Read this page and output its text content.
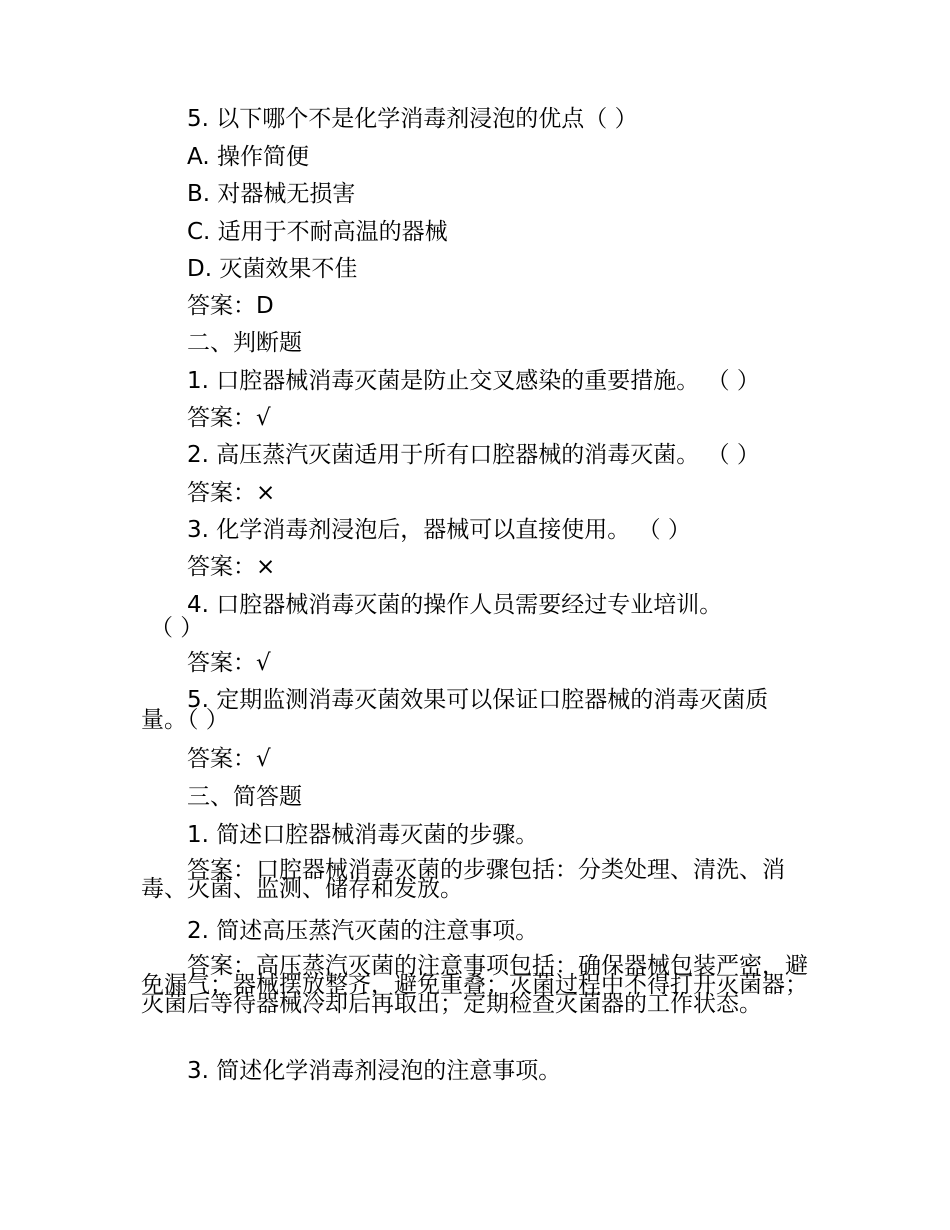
5. 以下哪个不是化学消毒剂浸泡的优点（ ）
A. 操作简便
B. 对器械无损害
C. 适用于不耐高温的器械
D. 灭菌效果不佳
答案：D
二、判断题
1. 口腔器械消毒灭菌是防止交叉感染的重要措施。 （ ）
答案：√
2. 高压蒸汽灭菌适用于所有口腔器械的消毒灭菌。 （ ）
答案：×
3. 化学消毒剂浸泡后，器械可以直接使用。 （ ）
答案：×
4. 口腔器械消毒灭菌的操作人员需要经过专业培训。
（ ）
答案：√
5. 定期监测消毒灭菌效果可以保证口腔器械的消毒灭菌质量。（ ）
答案：√
三、简答题
1. 简述口腔器械消毒灭菌的步骤。
答案：口腔器械消毒灭菌的步骤包括：分类处理、清洗、消毒、灭菌、监测、储存和发放。
2. 简述高压蒸汽灭菌的注意事项。
答案：高压蒸汽灭菌的注意事项包括：确保器械包装严密，避免漏气；器械摆放整齐，避免重叠；灭菌过程中不得打开灭菌器；灭菌后等待器械冷却后再取出；定期检查灭菌器的工作状态。
3. 简述化学消毒剂浸泡的注意事项。
